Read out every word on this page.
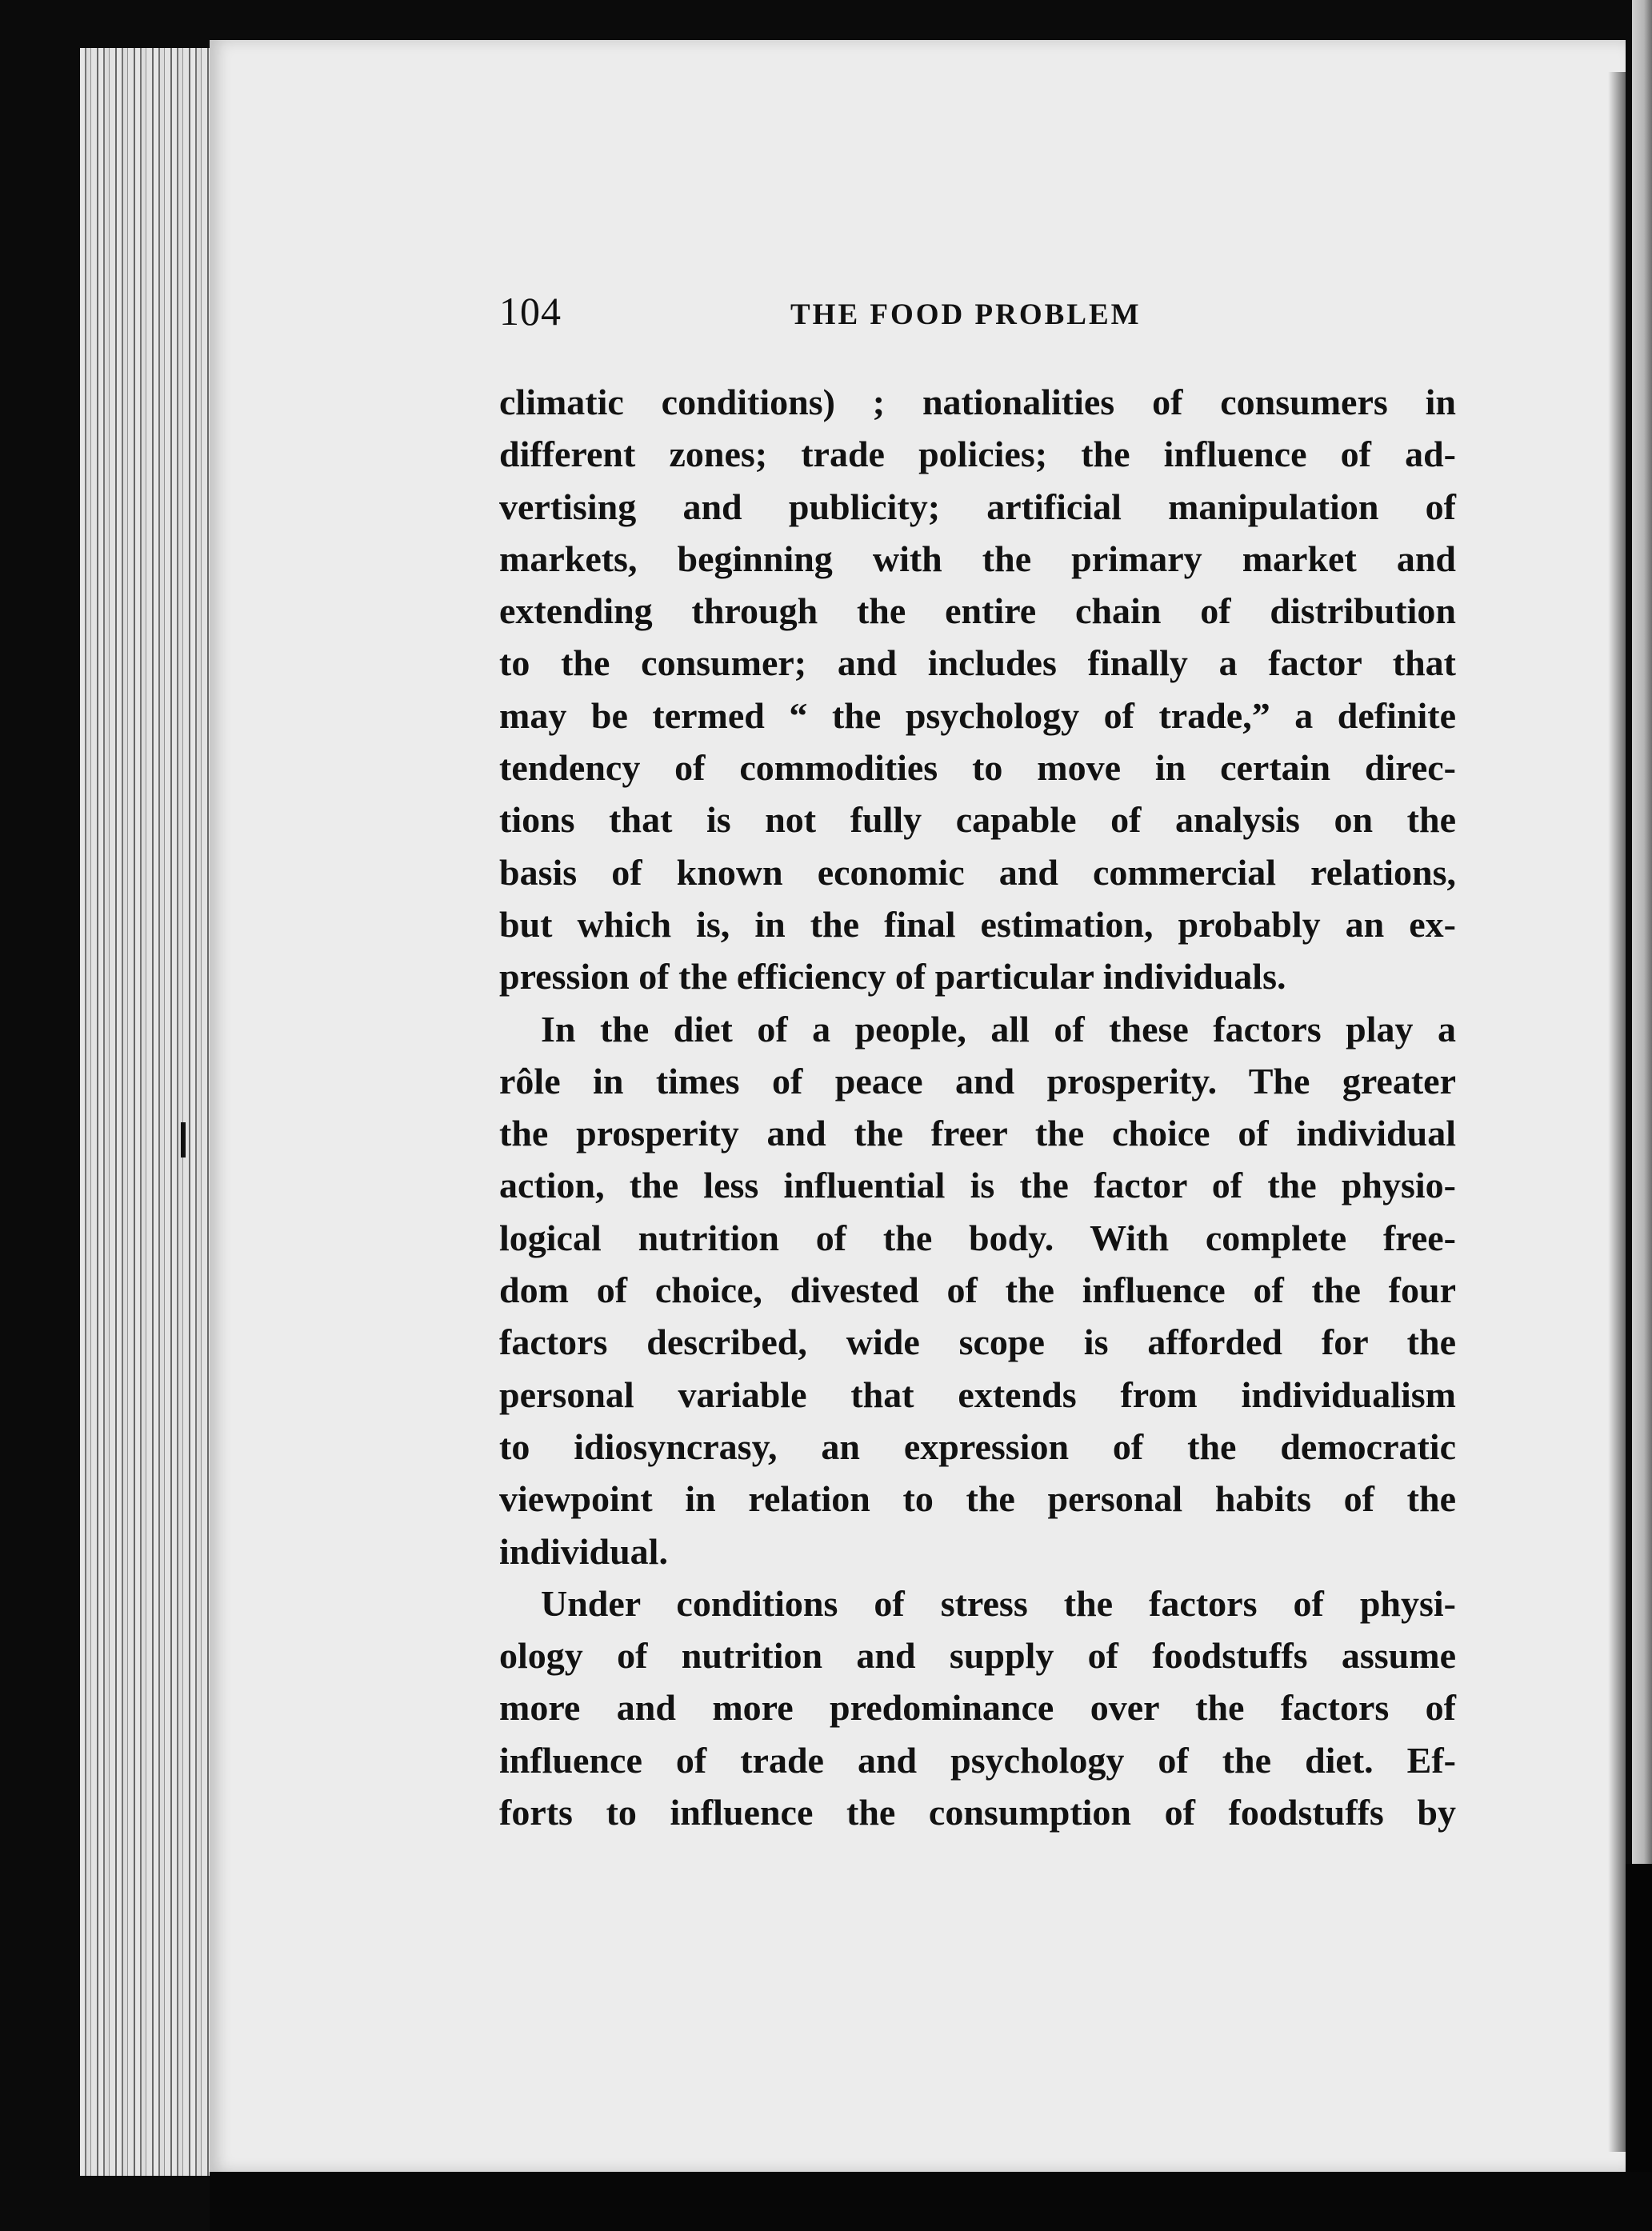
104	THE FOOD PROBLEM
climatic conditions) ; nationalities of consumers in
different zones; trade policies; the influence of ad-
vertising and publicity; artificial manipulation of
markets, beginning with the primary market and
extending through the entire chain of distribution
to the consumer; and includes finally a factor that
may be termed “ the psychology of trade,” a definite
tendency of commodities to move in certain direc-
tions that is not fully capable of analysis on the
basis of known economic and commercial relations,
but which is, in the final estimation, probably an ex-
pression of the efficiency of particular individuals.
In the diet of a people, all of these factors play a
rôle in times of peace and prosperity. The greater
the prosperity and the freer the choice of individual
action, the less influential is the factor of the physio-
logical nutrition of the body. With complete free-
dom of choice, divested of the influence of the four
factors described, wide scope is afforded for the
personal variable that extends from individualism
to idiosyncrasy, an expression of the democratic
viewpoint in relation to the personal habits of the
individual.
Under conditions of stress the factors of physi-
ology of nutrition and supply of foodstuffs assume
more and more predominance over the factors of
influence of trade and psychology of the diet. Ef-
forts to influence the consumption of foodstuffs by
